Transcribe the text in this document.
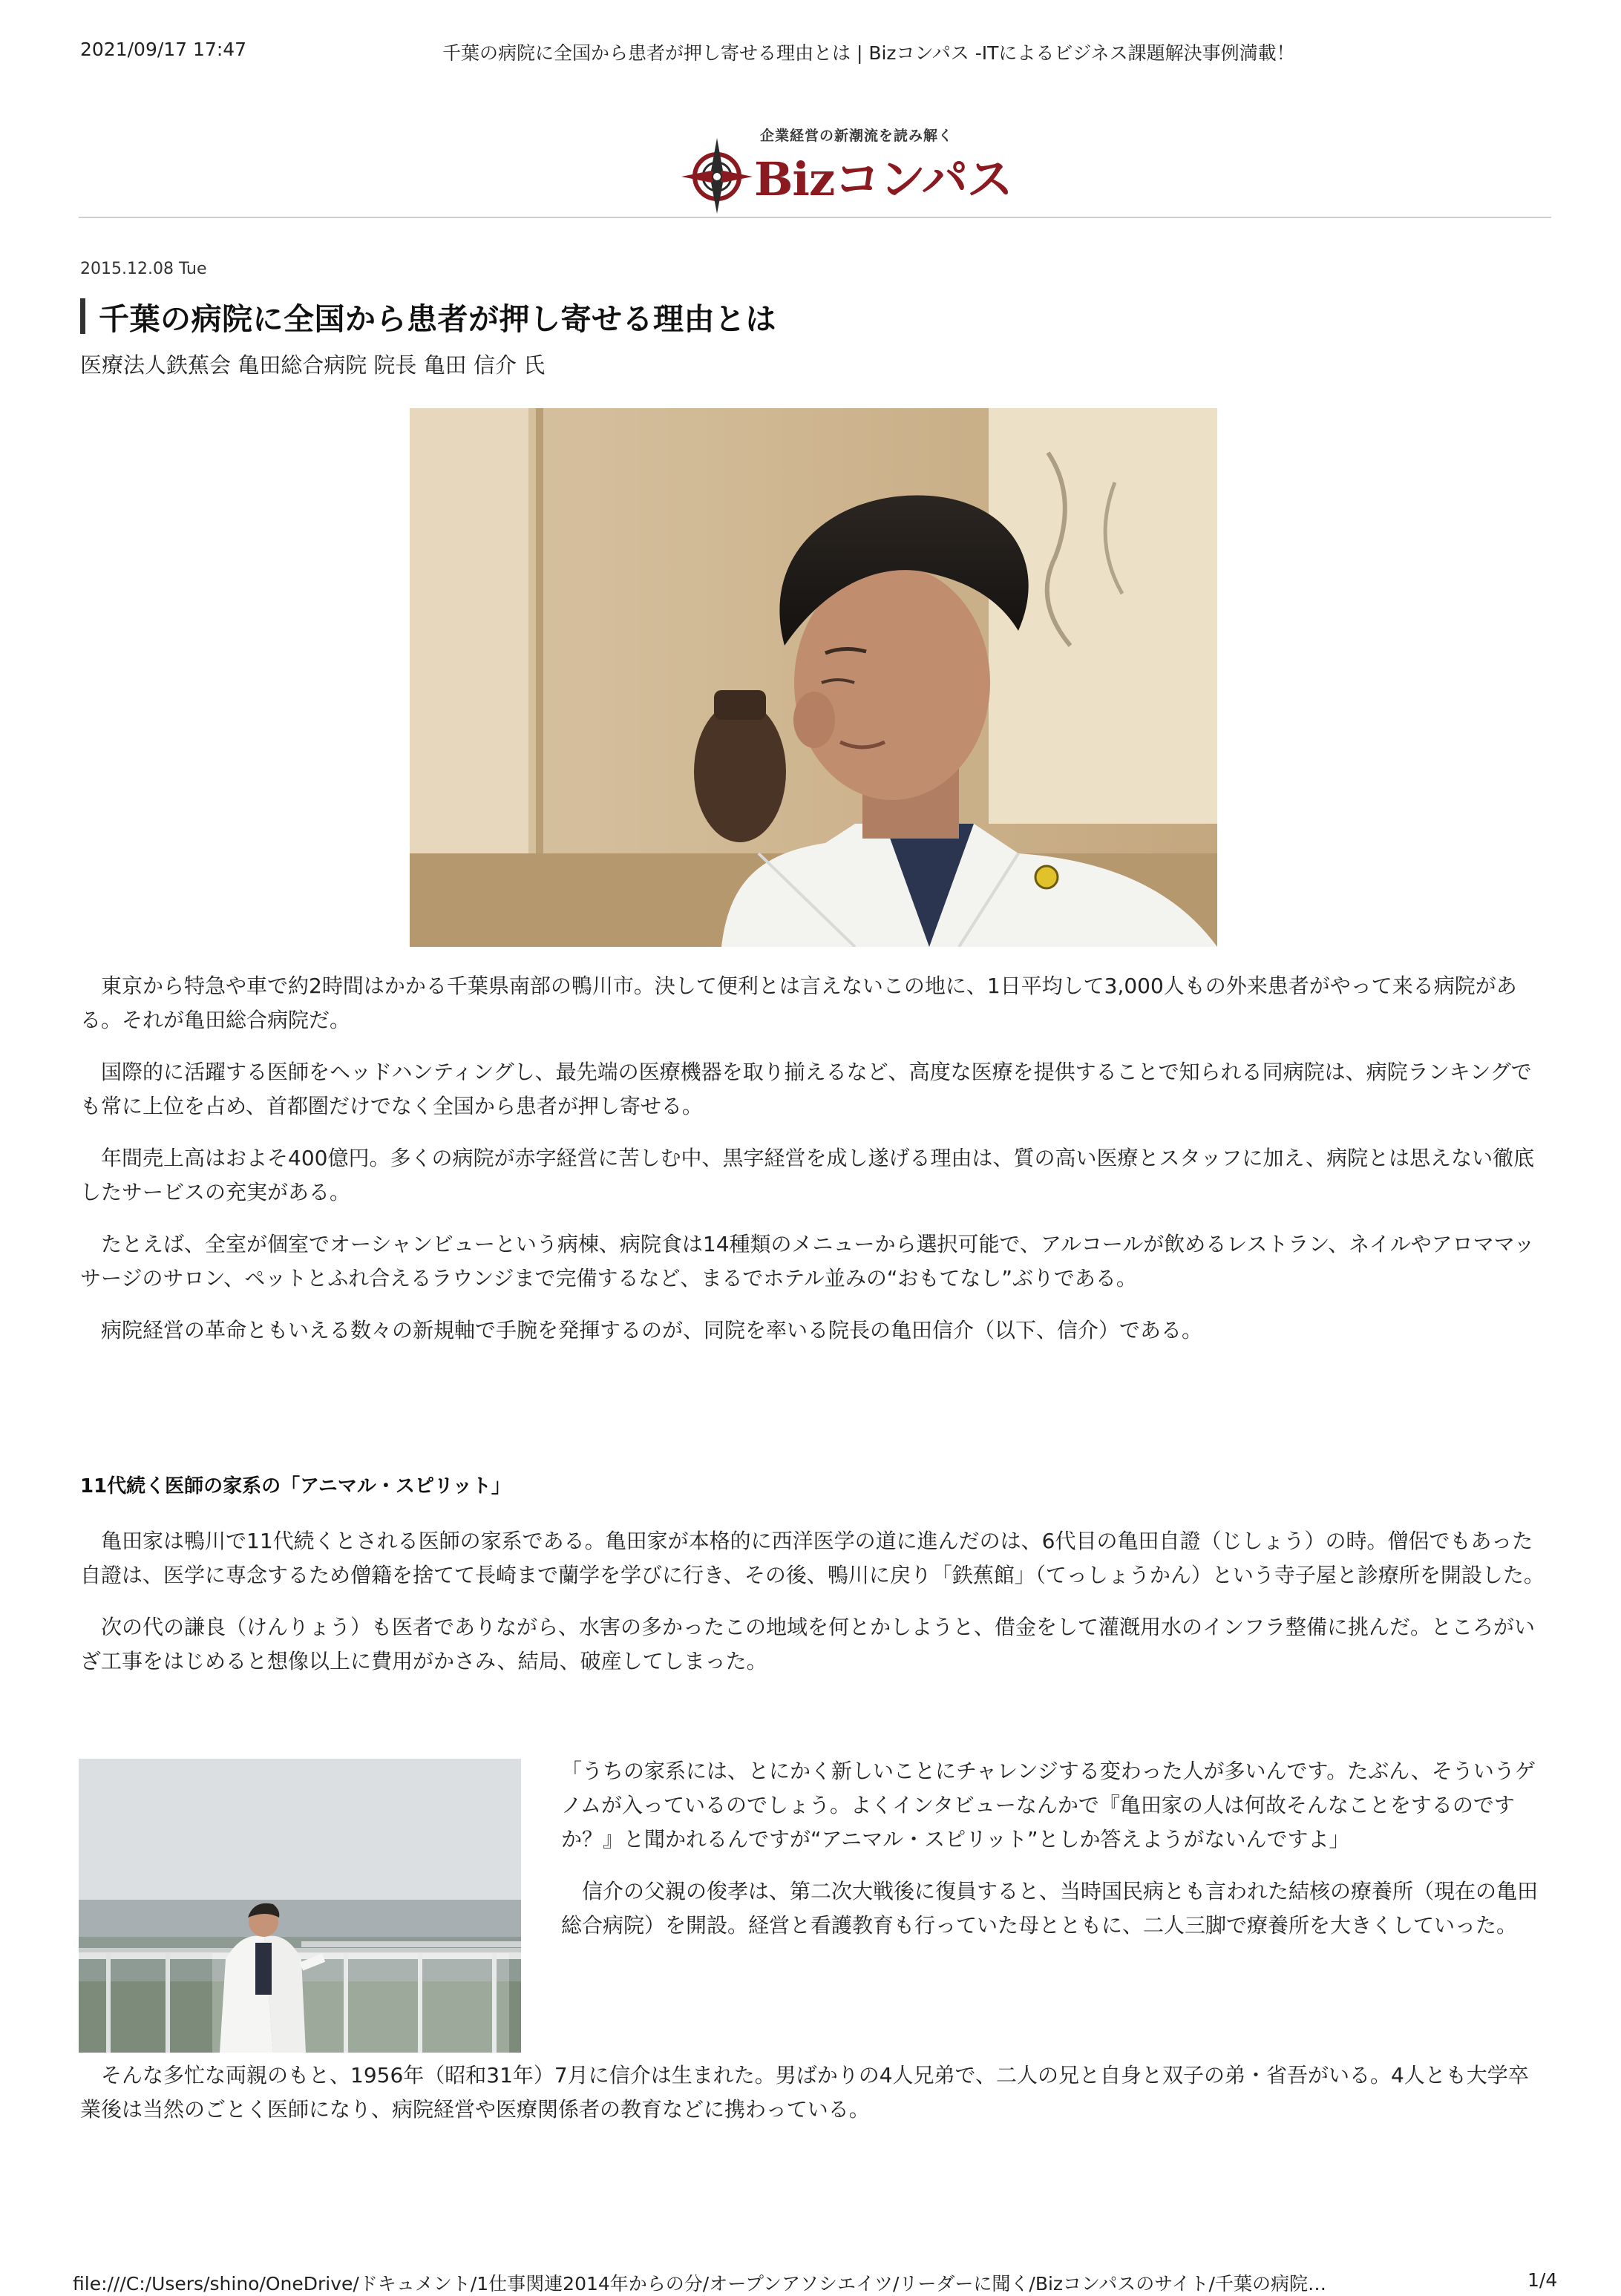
2021/09/17 17:47	千葉の病院に全国から患者が押し寄せる理由とは | Bizコンパス -ITによるビジネス課題解決事例満載！
企業経営の新潮流を読み解く
Bizコンパス
2015.12.08 Tue
千葉の病院に全国から患者が押し寄せる理由とは
医療法人鉄蕉会 亀田総合病院 院長 亀田 信介 氏

東京から特急や車で約2時間はかかる千葉県南部の鴨川市。決して便利とは言えないこの地に、1日平均して3,000人もの外来患者がやって来る病院がある。それが亀田総合病院だ。

国際的に活躍する医師をヘッドハンティングし、最先端の医療機器を取り揃えるなど、高度な医療を提供することで知られる同病院は、病院ランキングでも常に上位を占め、首都圏だけでなく全国から患者が押し寄せる。

年間売上高はおよそ400億円。多くの病院が赤字経営に苦しむ中、黒字経営を成し遂げる理由は、質の高い医療とスタッフに加え、病院とは思えない徹底したサービスの充実がある。

たとえば、全室が個室でオーシャンビューという病棟、病院食は14種類のメニューから選択可能で、アルコールが飲めるレストラン、ネイルやアロママッサージのサロン、ペットとふれ合えるラウンジまで完備するなど、まるでホテル並みの“おもてなし”ぶりである。

病院経営の革命ともいえる数々の新規軸で手腕を発揮するのが、同院を率いる院長の亀田信介（以下、信介）である。

11代続く医師の家系の「アニマル・スピリット」

亀田家は鴨川で11代続くとされる医師の家系である。亀田家が本格的に西洋医学の道に進んだのは、6代目の亀田自證（じしょう）の時。僧侶でもあった自證は、医学に専念するため僧籍を捨てて長崎まで蘭学を学びに行き、その後、鴨川に戻り「鉄蕉館」（てっしょうかん）という寺子屋と診療所を開設した。

次の代の謙良（けんりょう）も医者でありながら、水害の多かったこの地域を何とかしようと、借金をして灌漑用水のインフラ整備に挑んだ。ところがいざ工事をはじめると想像以上に費用がかさみ、結局、破産してしまった。

「うちの家系には、とにかく新しいことにチャレンジする変わった人が多いんです。たぶん、そういうゲノムが入っているのでしょう。よくインタビューなんかで『亀田家の人は何故そんなことをするのですか？』と聞かれるんですが“アニマル・スピリット”としか答えようがないんですよ」

信介の父親の俊孝は、第二次大戦後に復員すると、当時国民病とも言われた結核の療養所（現在の亀田総合病院）を開設。経営と看護教育も行っていた母とともに、二人三脚で療養所を大きくしていった。

そんな多忙な両親のもと、1956年（昭和31年）7月に信介は生まれた。男ばかりの4人兄弟で、二人の兄と自身と双子の弟・省吾がいる。4人とも大学卒業後は当然のごとく医師になり、病院経営や医療関係者の教育などに携わっている。

file:///C:/Users/shino/OneDrive/ドキュメント/1仕事関連2014年からの分/オープンアソシエイツ/リーダーに聞く/Bizコンパスのサイト/千葉の病院…	1/4
